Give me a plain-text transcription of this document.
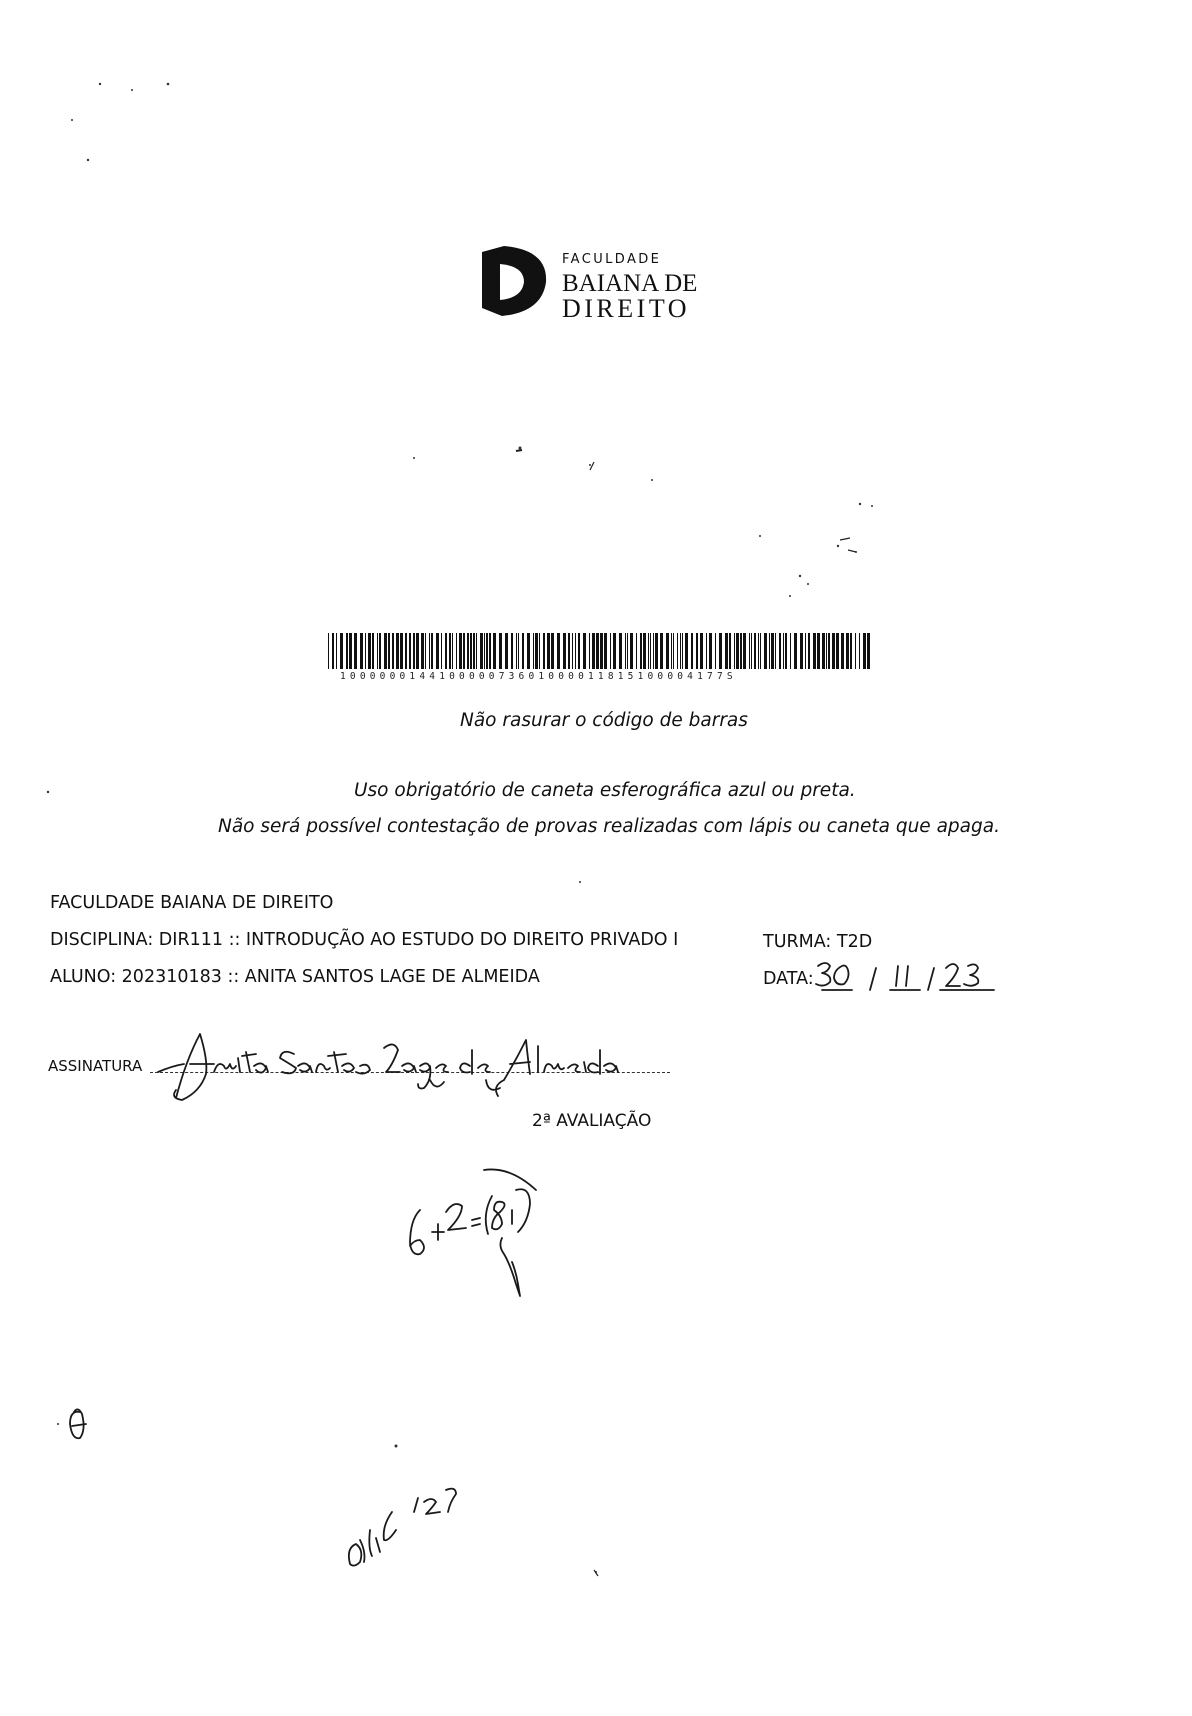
FACULDADE
BAIANA DE
DIREITO
100000014410000073601000011815100004177S
Não rasurar o código de barras
Uso obrigatório de caneta esferográfica azul ou preta.
Não será possível contestação de provas realizadas com lápis ou caneta que apaga.
FACULDADE BAIANA DE DIREITO
DISCIPLINA: DIR111 :: INTRODUÇÃO AO ESTUDO DO DIREITO PRIVADO I
ALUNO: 202310183 :: ANITA SANTOS LAGE DE ALMEIDA
TURMA: T2D
DATA:
ASSINATURA
2ª AVALIAÇÃO
